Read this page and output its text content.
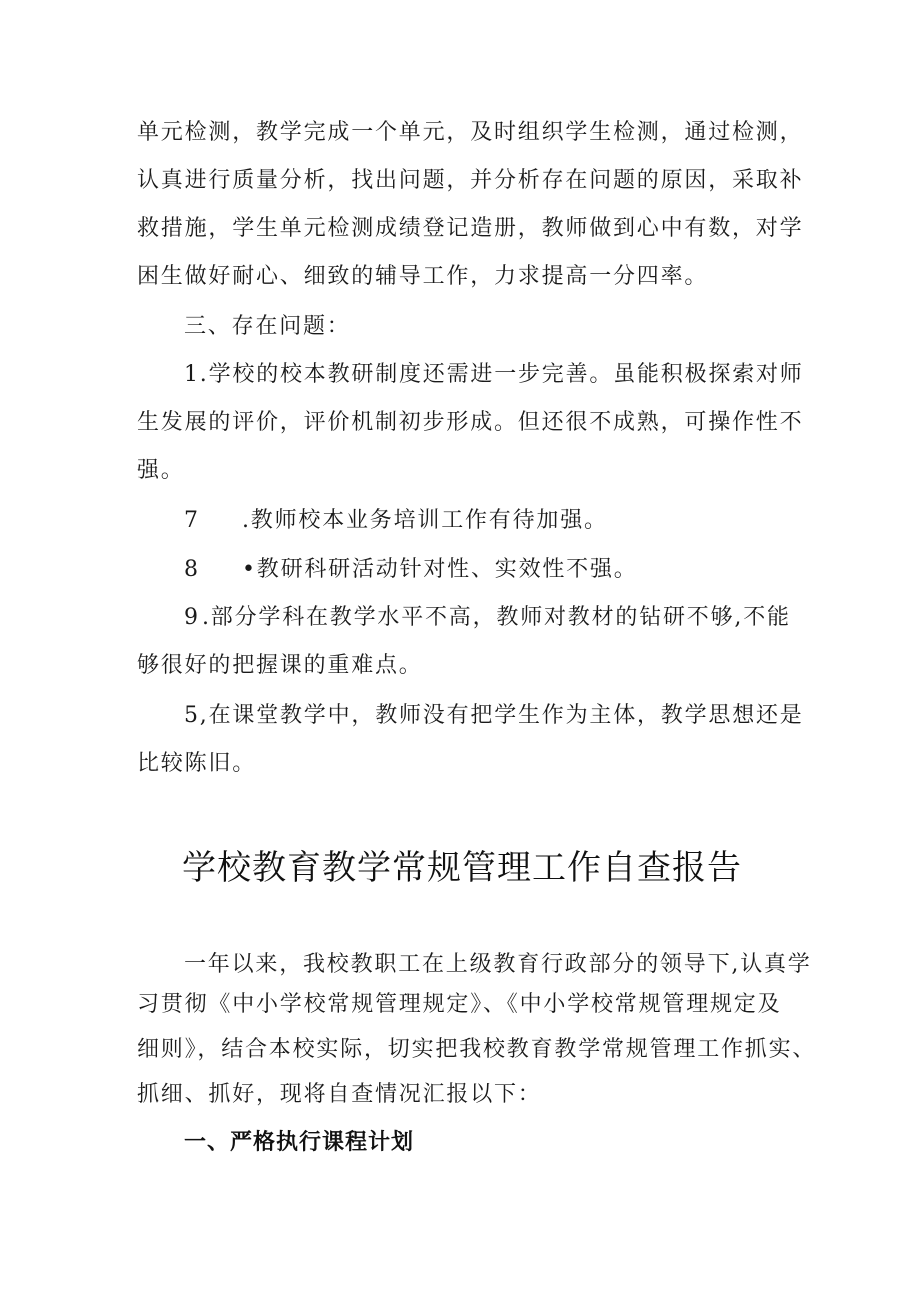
单元检测，教学完成一个单元，及时组织学生检测，通过检测，
认真进行质量分析，找出问题，并分析存在问题的原因，采取补
救措施，学生单元检测成绩登记造册，教师做到心中有数，对学
困生做好耐心、细致的辅导工作，力求提高一分四率。
三、存在问题：
1.学校的校本教研制度还需进一步完善。虽能积极探索对师
生发展的评价，评价机制初步形成。但还很不成熟，可操作性不
强。
7 .教师校本业务培训工作有待加强。
8 •教研科研活动针对性、实效性不强。
9.部分学科在教学水平不高，教师对教材的钻研不够,不能
够很好的把握课的重难点。
5,在课堂教学中，教师没有把学生作为主体，教学思想还是
比较陈旧。
学校教育教学常规管理工作自查报告
一年以来，我校教职工在上级教育行政部分的领导下,认真学
习贯彻《中小学校常规管理规定》、《中小学校常规管理规定及
细则》，结合本校实际，切实把我校教育教学常规管理工作抓实、
抓细、抓好，现将自查情况汇报以下：
一、严格执行课程计划
